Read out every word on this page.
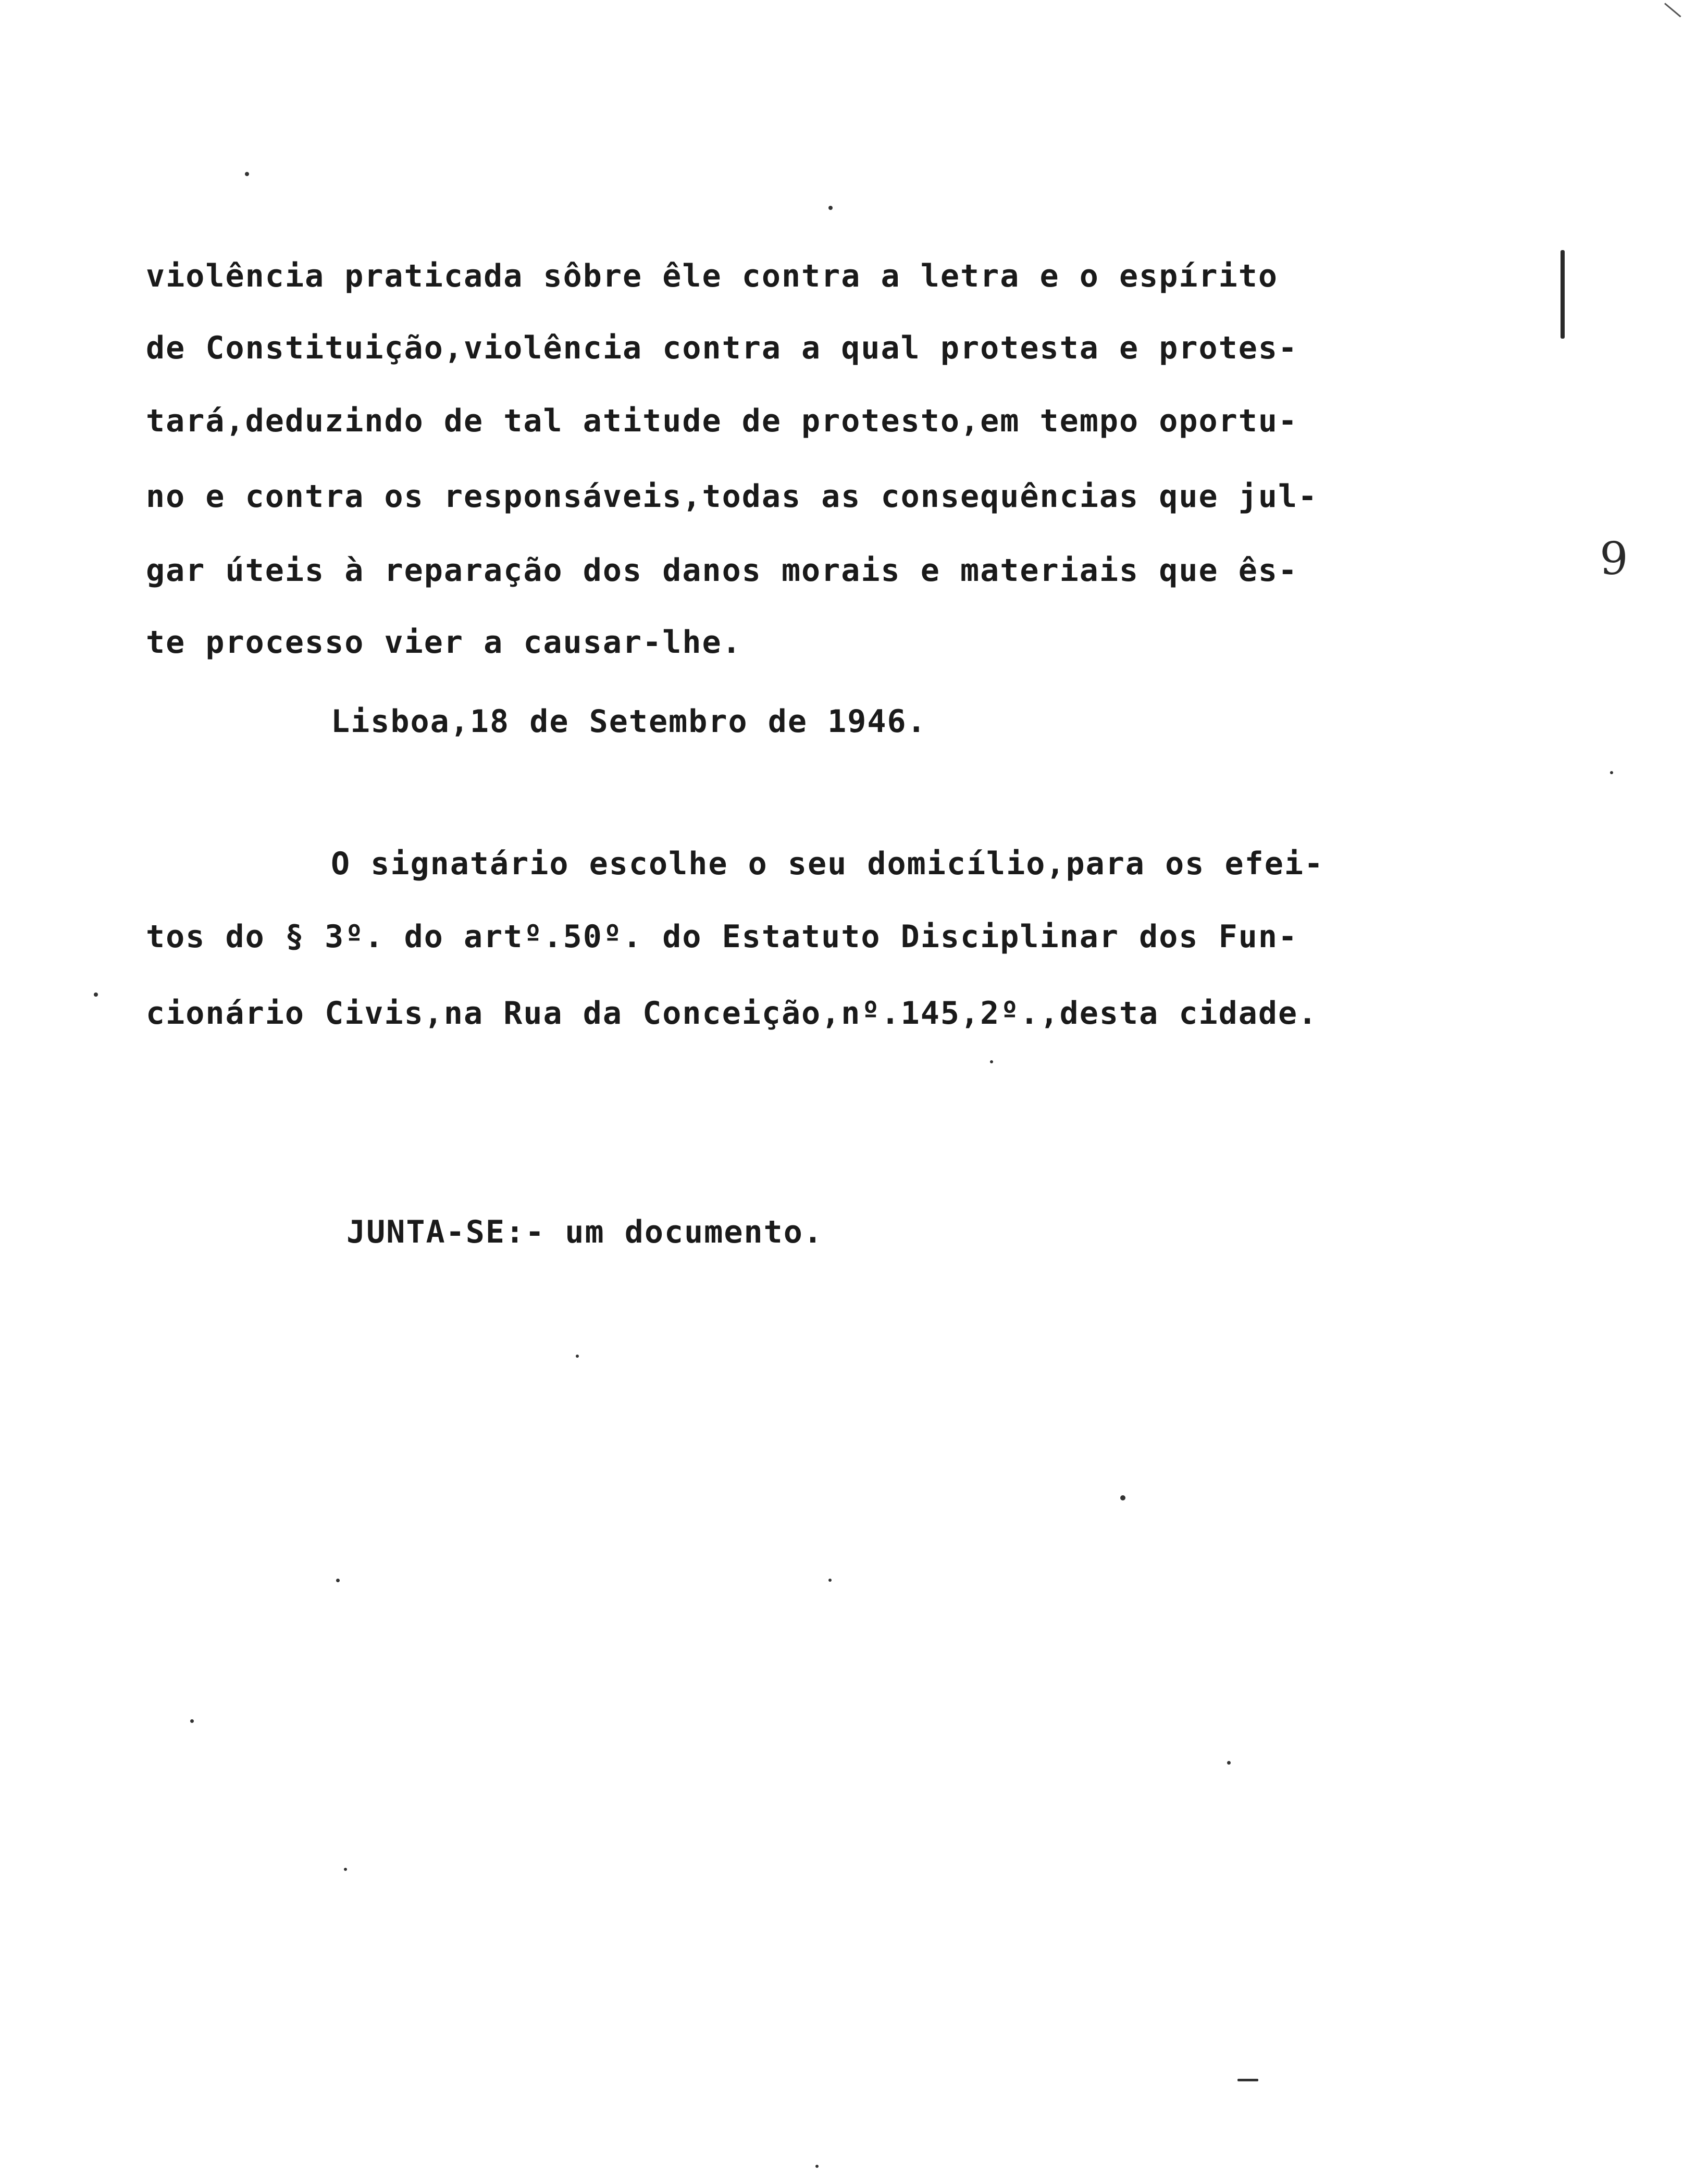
violência praticada sôbre êle contra a letra e o espírito
de Constituição,violência contra a qual protesta e protes-
tará,deduzindo de tal atitude de protesto,em tempo oportu-
no e contra os responsáveis,todas as consequências que jul-
gar úteis à reparação dos danos morais e materiais que ês-
te processo vier a causar-lhe.
Lisboa,18 de Setembro de 1946.
O signatário escolhe o seu domicílio,para os efei-
tos do § 3º. do artº.50º. do Estatuto Disciplinar dos Fun-
cionário Civis,na Rua da Conceição,nº.145,2º.,desta cidade.
JUNTA-SE:- um documento.
9
